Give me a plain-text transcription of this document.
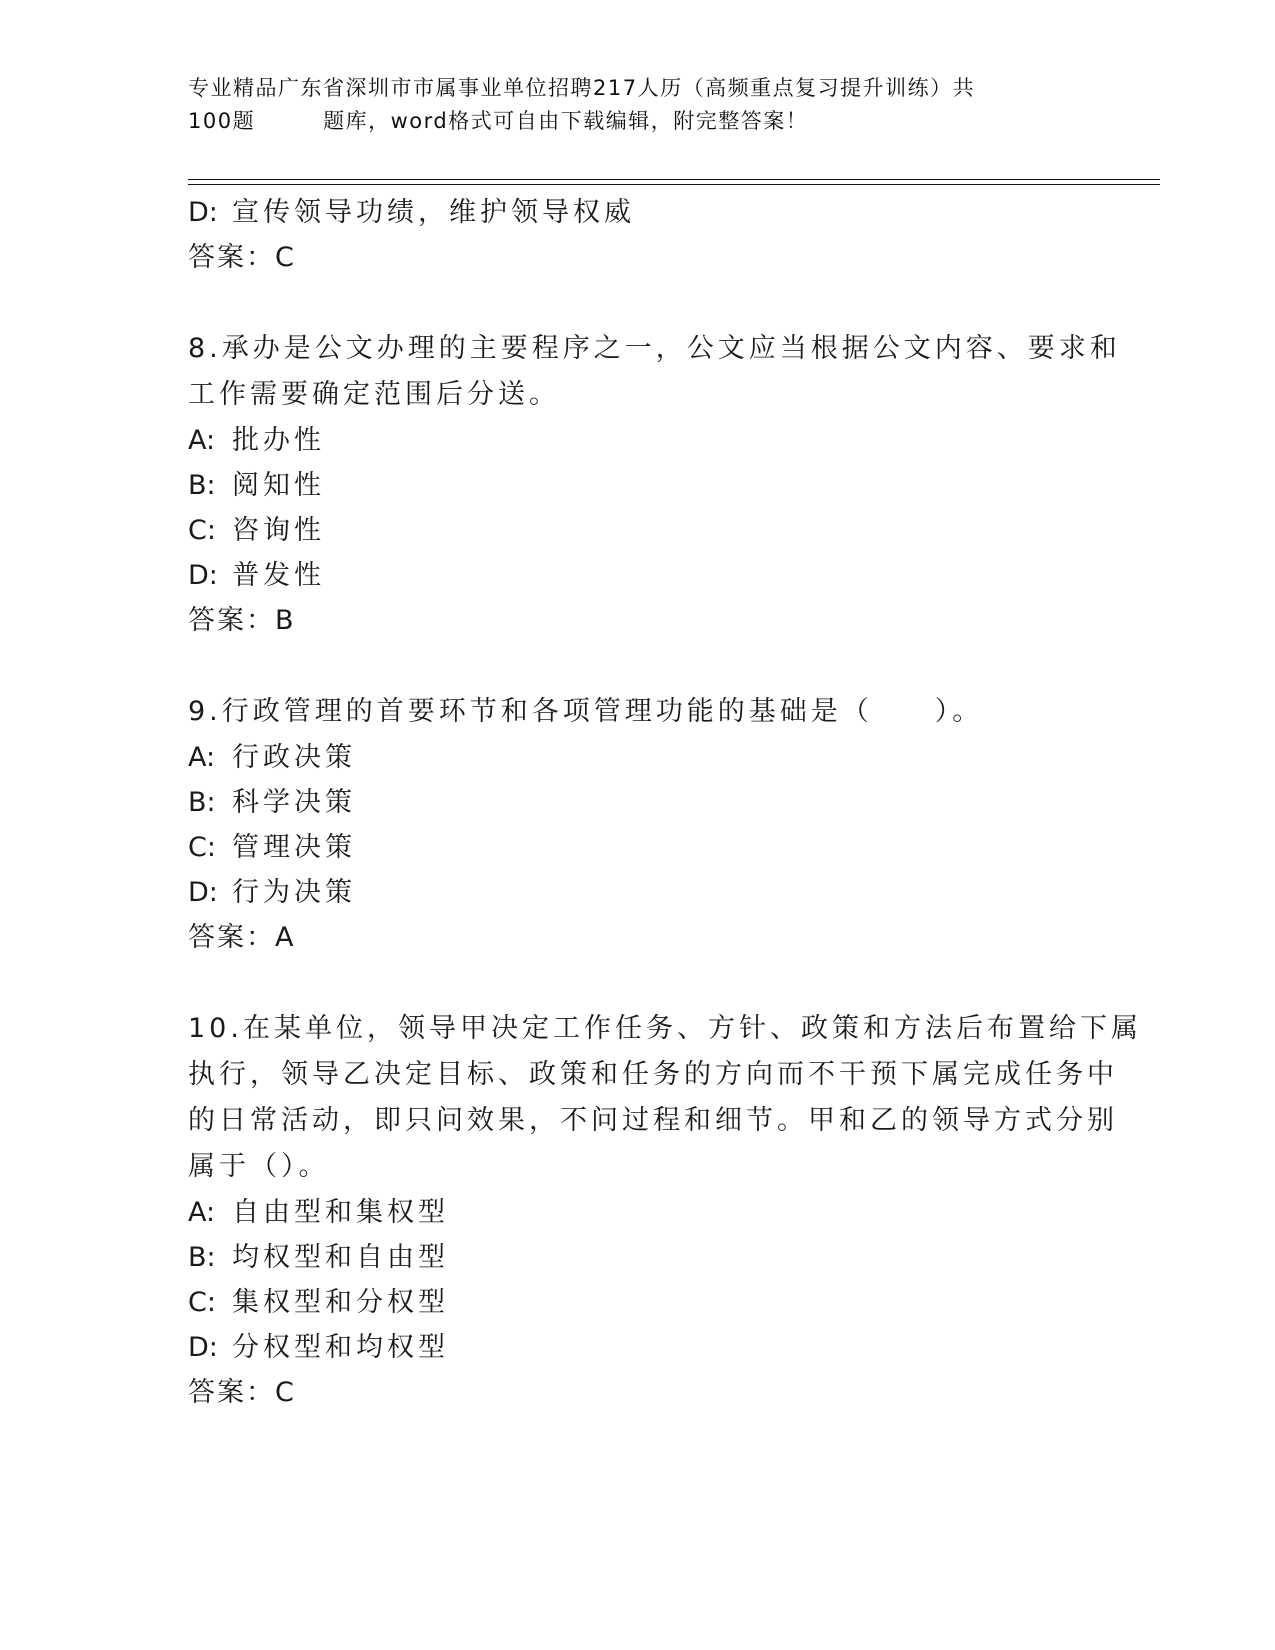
专业精品广东省深圳市市属事业单位招聘217人历（高频重点复习提升训练）共
100题	题库，word格式可自由下载编辑，附完整答案！
D: 宣传领导功绩，维护领导权威
答案：C
8.承办是公文办理的主要程序之一，公文应当根据公文内容、要求和
工作需要确定范围后分送。
A: 批办性
B: 阅知性
C: 咨询性
D: 普发性
答案：B
9.行政管理的首要环节和各项管理功能的基础是（　　）。
A: 行政决策
B: 科学决策
C: 管理决策
D: 行为决策
答案：A
10.在某单位，领导甲决定工作任务、方针、政策和方法后布置给下属
执行，领导乙决定目标、政策和任务的方向而不干预下属完成任务中
的日常活动，即只问效果，不问过程和细节。甲和乙的领导方式分别
属于（）。
A: 自由型和集权型
B: 均权型和自由型
C: 集权型和分权型
D: 分权型和均权型
答案：C
